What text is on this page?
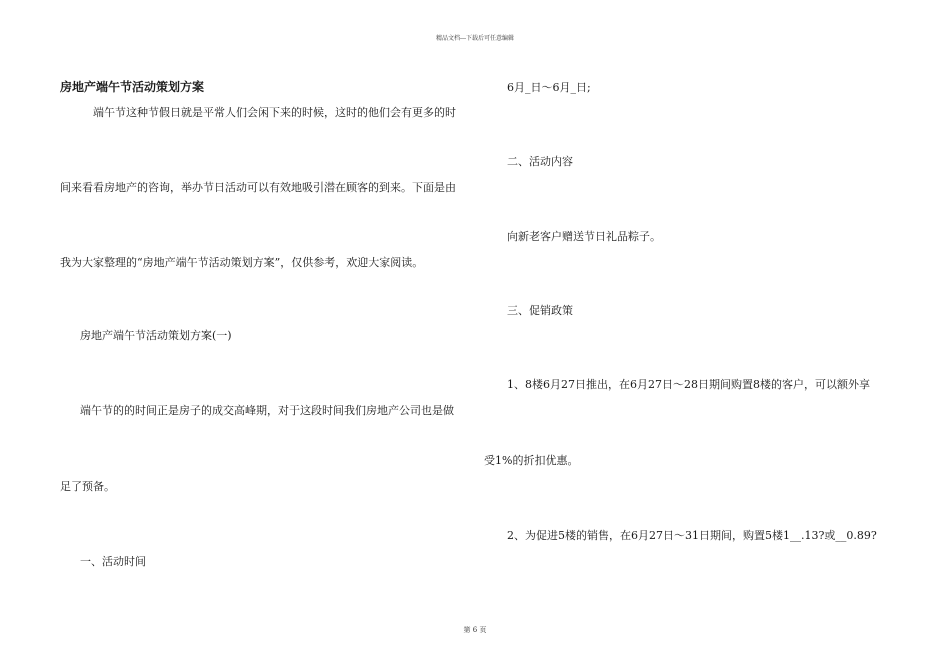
精品文档---下载后可任意编辑
房地产端午节活动策划方案
端午节这种节假日就是平常人们会闲下来的时候，这时的他们会有更多的时
间来看看房地产的咨询，举办节日活动可以有效地吸引潜在顾客的到来。下面是由
我为大家整理的“房地产端午节活动策划方案”，仅供参考，欢迎大家阅读。
房地产端午节活动策划方案(一)
端午节的的时间正是房子的成交高峰期，对于这段时间我们房地产公司也是做
足了预备。
一、活动时间
6月_日～6月_日;
二、活动内容
向新老客户赠送节日礼品粽子。
三、促销政策
1、8楼6月27日推出，在6月27日～28日期间购置8楼的客户，可以额外享
受1%的折扣优惠。
2、为促进5楼的销售，在6月27日～31日期间，购置5楼1__.13?或__0.89?
第 6 页
